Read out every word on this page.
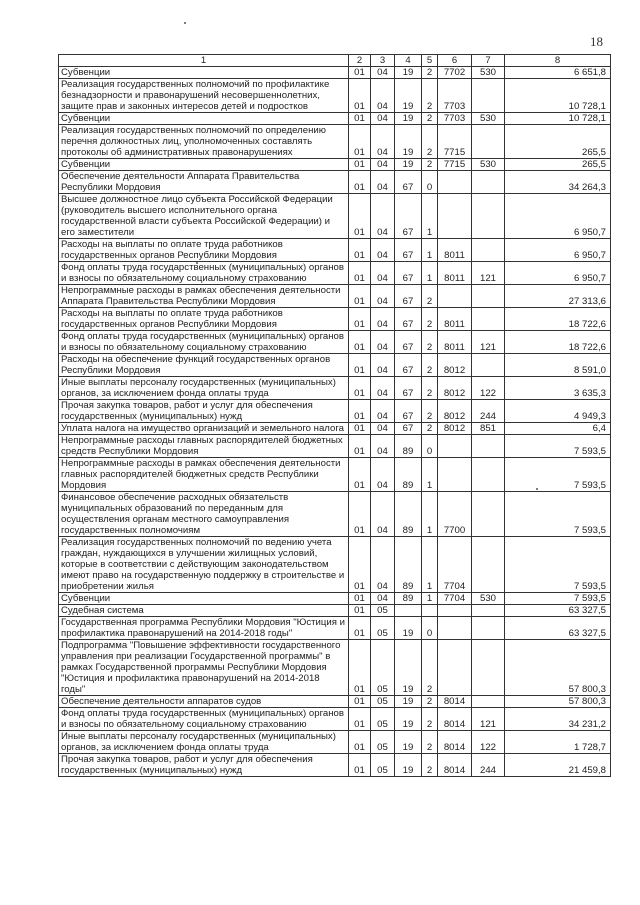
18
1	2	3	4	5	6	7	8
Субвенции	01	04	19	2	7702	530	6 651,8
Реализация государственных полномочий по профилактике безнадзорности и правонарушений несовершеннолетних, защите прав и законных интересов детей и подростков	01	04	19	2	7703		10 728,1
Субвенции	01	04	19	2	7703	530	10 728,1
Реализация государственных полномочий по определению перечня должностных лиц, уполномоченных составлять протоколы об административных правонарушениях	01	04	19	2	7715		265,5
Субвенции	01	04	19	2	7715	530	265,5
Обеспечение деятельности Аппарата Правительства Республики Мордовия	01	04	67	0			34 264,3
Высшее должностное лицо субъекта Российской Федерации (руководитель высшего исполнительного органа государственной власти субъекта Российской Федерации) и его заместители	01	04	67	1			6 950,7
Расходы на выплаты по оплате труда работников государственных органов Республики Мордовия	01	04	67	1	8011		6 950,7
Фонд оплаты труда государственных (муниципальных) органов и взносы по обязательному социальному страхованию	01	04	67	1	8011	121	6 950,7
Непрограммные расходы в рамках обеспечения деятельности Аппарата Правительства Республики Мордовия	01	04	67	2			27 313,6
Расходы на выплаты по оплате труда работников государственных органов Республики Мордовия	01	04	67	2	8011		18 722,6
Фонд оплаты труда государственных (муниципальных) органов и взносы по обязательному социальному страхованию	01	04	67	2	8011	121	18 722,6
Расходы на обеспечение функций государственных органов Республики Мордовия	01	04	67	2	8012		8 591,0
Иные выплаты персоналу государственных (муниципальных) органов, за исключением фонда оплаты труда	01	04	67	2	8012	122	3 635,3
Прочая закупка товаров, работ и услуг для обеспечения государственных (муниципальных) нужд	01	04	67	2	8012	244	4 949,3
Уплата налога на имущество организаций и земельного налога	01	04	67	2	8012	851	6,4
Непрограммные расходы главных распорядителей бюджетных средств Республики Мордовия	01	04	89	0			7 593,5
Непрограммные расходы в рамках обеспечения деятельности главных распорядителей бюджетных средств Республики Мордовия	01	04	89	1			7 593,5
Финансовое обеспечение расходных обязательств муниципальных образований по переданным для осуществления органам местного самоуправления государственных полномочиям	01	04	89	1	7700		7 593,5
Реализация государственных полномочий по ведению учета граждан, нуждающихся в улучшении жилищных условий, которые в соответствии с действующим законодательством имеют право на государственную поддержку в строительстве и приобретении жилья	01	04	89	1	7704		7 593,5
Субвенции	01	04	89	1	7704	530	7 593,5
Судебная система	01	05					63 327,5
Государственная программа Республики Мордовия "Юстиция и профилактика правонарушений на 2014-2018 годы"	01	05	19	0			63 327,5
Подпрограмма "Повышение эффективности государственного управления при реализации Государственной программы" в рамках Государственной программы Республики Мордовия "Юстиция и профилактика правонарушений на 2014-2018 годы"	01	05	19	2			57 800,3
Обеспечение деятельности аппаратов судов	01	05	19	2	8014		57 800,3
Фонд оплаты труда государственных (муниципальных) органов и взносы по обязательному социальному страхованию	01	05	19	2	8014	121	34 231,2
Иные выплаты персоналу государственных (муниципальных) органов, за исключением фонда оплаты труда	01	05	19	2	8014	122	1 728,7
Прочая закупка товаров, работ и услуг для обеспечения государственных (муниципальных) нужд	01	05	19	2	8014	244	21 459,8
